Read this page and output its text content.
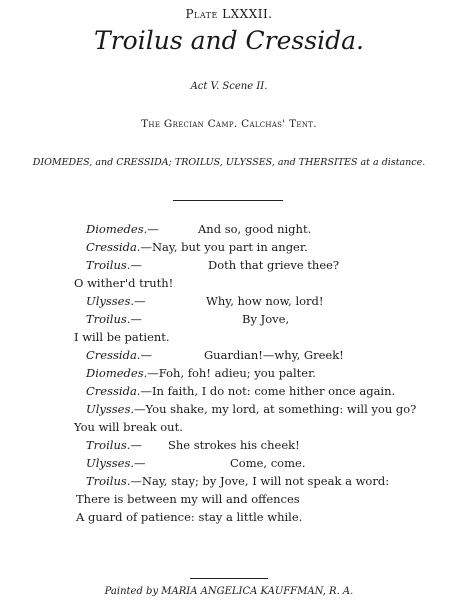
Plate LXXXII.
Troilus and Cressida.
Act V. Scene II.
The Grecian Camp. Calchas' Tent.
DIOMEDES, and CRESSIDA; TROILUS, ULYSSES, and THERSITES at a distance.
Diomedes.—	And so, good night.
Cressida.—Nay, but you part in anger.
Troilus.—	Doth that grieve thee?
O wither'd truth!
Ulysses.—	Why, how now, lord!
Troilus.—	By Jove,
I will be patient.
Cressida.—	Guardian!—why, Greek!
Diomedes.—Foh, foh! adieu; you palter.
Cressida.—In faith, I do not: come hither once again.
Ulysses.—You shake, my lord, at something: will you go?
You will break out.
Troilus.— She strokes his cheek!
Ulysses.—	Come, come.
Troilus.—Nay, stay; by Jove, I will not speak a word:
There is between my will and offences
A guard of patience: stay a little while.
Painted by MARIA ANGELICA KAUFFMAN, R. A.
